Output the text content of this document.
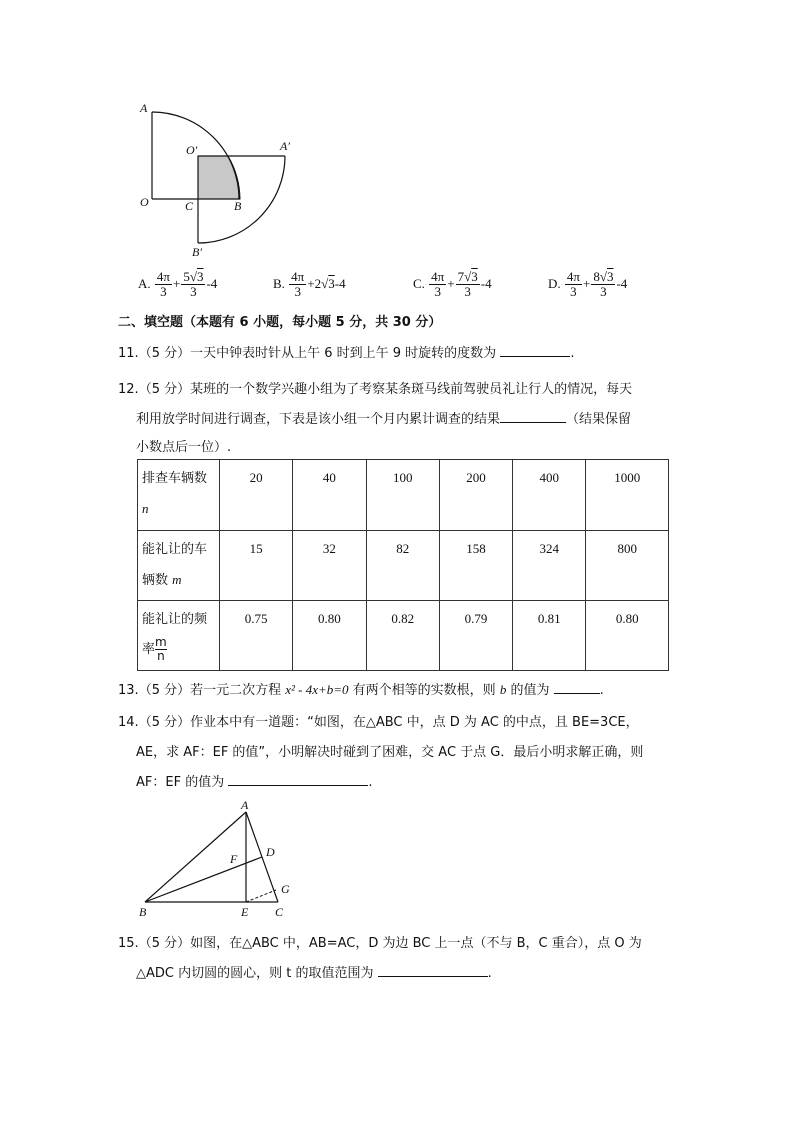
A
O′	A′
O	C	B
B′
A.
$\frac{4\pi}{3} + \frac{5√3}{3} -4$	B.
$\frac{4\pi}{3} +2$ √ 3 -4	C.
$\frac{4\pi}{3} + \frac{7√3}{3} -4$	D.
$\frac{4\pi}{3} + \frac{8√3}{3} -4$
二、填空题（本题有 6 小题，每小题 5 分，共 30 分）
11.（5 分）一天中钟表时针从上午 6 时到上午 9 时旋转的度数为	.
12.（5 分）某班的一个数学兴趣小组为了考察某条斑马线前驾驶员礼让行人的情况，每天
利用放学时间进行调查，下表是该小组一个月内累计调查的结果	（结果保留
小数点后一位）.
排查车辆数
n	20	40	100	200	400	1000
能礼让的车
辆数 m	15	32	82	158	324	800
能礼让的频
率 $\frac{m}{n}$	0.75	0.80	0.82	0.79	0.81	0.80
13.（5 分）若一元二次方程 x² - 4x+b=0 有两个相等的实数根，则 b 的值为	.
14.（5 分）作业本中有一道题：“如图，在△ABC 中，点 D 为 AC 的中点，且 BE=3CE，
AE，求 AF：EF 的值”，小明解决时碰到了困难，交 AC 于点 G．最后小明求解正确，则
AF：EF 的值为	.
A
F D
G
B	E C
15.（5 分）如图，在△ABC 中，AB=AC，D 为边 BC 上一点（不与 B，C 重合），点 O 为
△ADC 内切圆的圆心，则 t 的取值范围为	.
